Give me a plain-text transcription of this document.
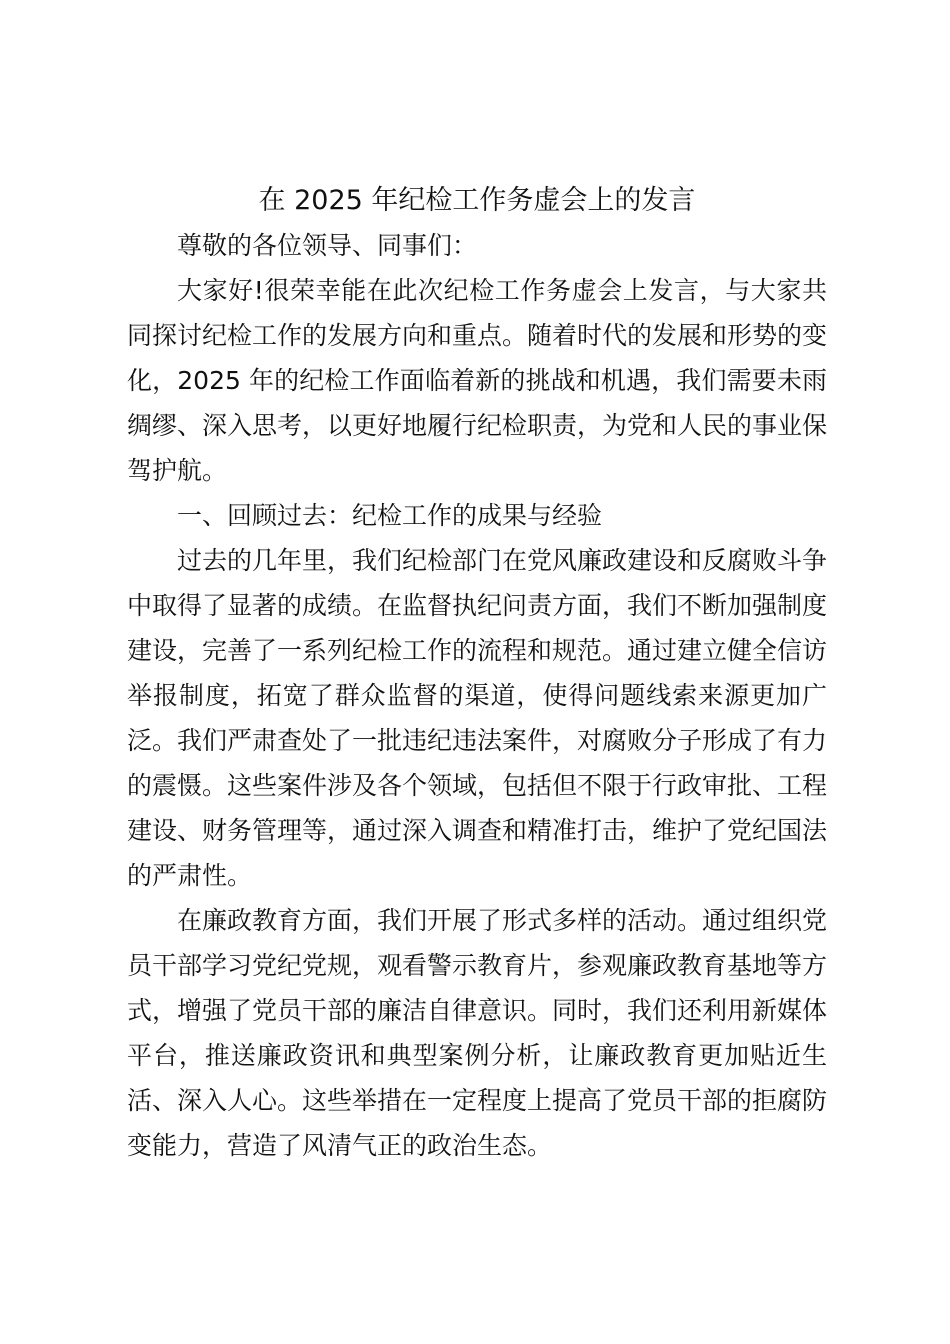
在 2025 年纪检工作务虚会上的发言

尊敬的各位领导、同事们：

大家好!很荣幸能在此次纪检工作务虚会上发言，与大家共同探讨纪检工作的发展方向和重点。随着时代的发展和形势的变化，2025 年的纪检工作面临着新的挑战和机遇，我们需要未雨绸缪、深入思考，以更好地履行纪检职责，为党和人民的事业保驾护航。

一、回顾过去：纪检工作的成果与经验

过去的几年里，我们纪检部门在党风廉政建设和反腐败斗争中取得了显著的成绩。在监督执纪问责方面，我们不断加强制度建设，完善了一系列纪检工作的流程和规范。通过建立健全信访举报制度，拓宽了群众监督的渠道，使得问题线索来源更加广泛。我们严肃查处了一批违纪违法案件，对腐败分子形成了有力的震慑。这些案件涉及各个领域，包括但不限于行政审批、工程建设、财务管理等，通过深入调查和精准打击，维护了党纪国法的严肃性。

在廉政教育方面，我们开展了形式多样的活动。通过组织党员干部学习党纪党规，观看警示教育片，参观廉政教育基地等方式，增强了党员干部的廉洁自律意识。同时，我们还利用新媒体平台，推送廉政资讯和典型案例分析，让廉政教育更加贴近生活、深入人心。这些举措在一定程度上提高了党员干部的拒腐防变能力，营造了风清气正的政治生态。
